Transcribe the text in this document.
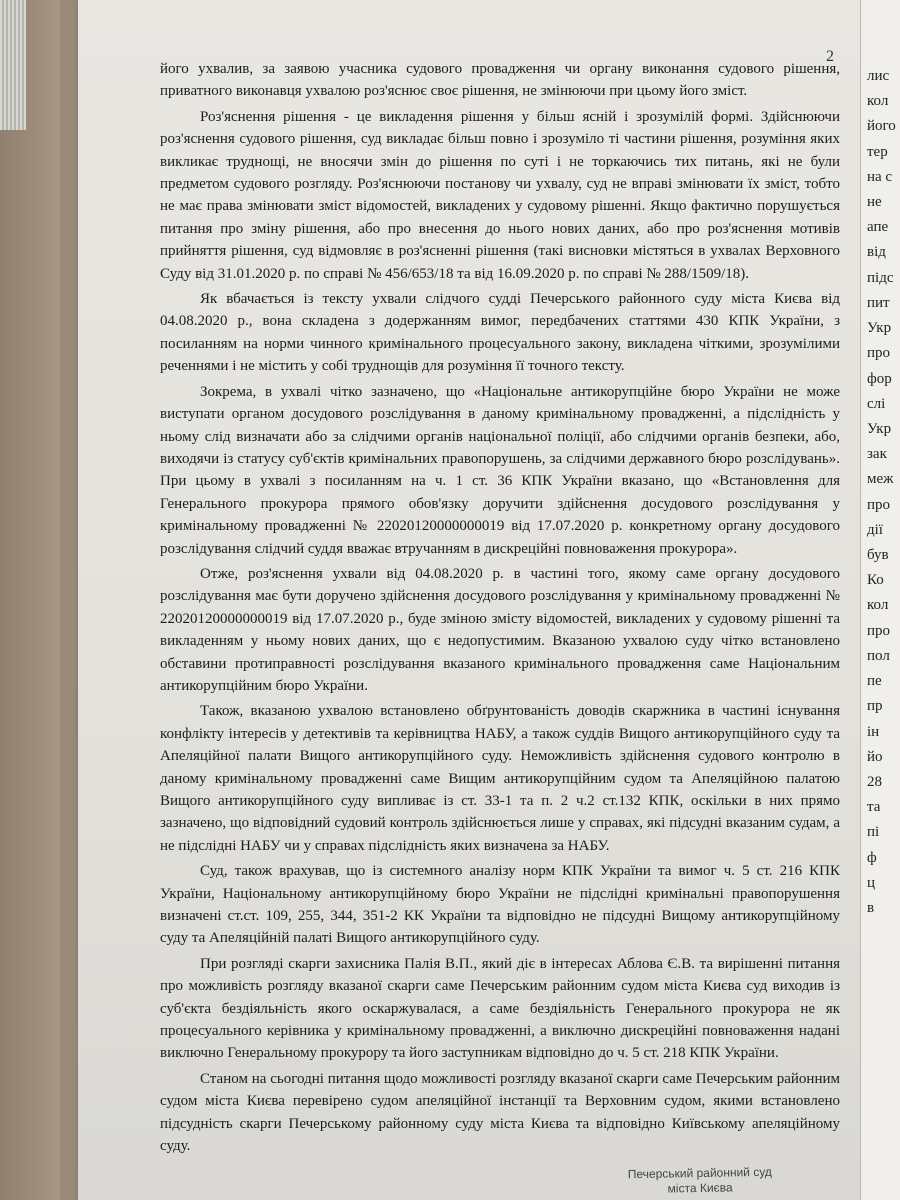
2

його ухвалив, за заявою учасника судового провадження чи органу виконання судового рішення, приватного виконавця ухвалою роз'яснює своє рішення, не змінюючи при цьому його зміст.

Роз'яснення рішення - це викладення рішення у більш ясній і зрозумілій формі. Здійснюючи роз'яснення судового рішення, суд викладає більш повно і зрозуміло ті частини рішення, розуміння яких викликає труднощі, не вносячи змін до рішення по суті і не торкаючись тих питань, які не були предметом судового розгляду. Роз'яснюючи постанову чи ухвалу, суд не вправі змінювати їх зміст, тобто не має права змінювати зміст відомостей, викладених у судовому рішенні. Якщо фактично порушується питання про зміну рішення, або про внесення до нього нових даних, або про роз'яснення мотивів прийняття рішення, суд відмовляє в роз'ясненні рішення (такі висновки містяться в ухвалах Верховного Суду від 31.01.2020 р. по справі № 456/653/18 та від 16.09.2020 р. по справі № 288/1509/18).

Як вбачається із тексту ухвали слідчого судді Печерського районного суду міста Києва від 04.08.2020 р., вона складена з додержанням вимог, передбачених статтями 430 КПК України, з посиланням на норми чинного кримінального процесуального закону, викладена чіткими, зрозумілими реченнями і не містить у собі труднощів для розуміння її точного тексту.

Зокрема, в ухвалі чітко зазначено, що «Національне антикорупційне бюро України не може виступати органом досудового розслідування в даному кримінальному провадженні, а підслідність у ньому слід визначати або за слідчими органів національної поліції, або слідчими органів безпеки, або, виходячи із статусу суб'єктів кримінальних правопорушень, за слідчими державного бюро розслідувань». При цьому в ухвалі з посиланням на ч. 1 ст. 36 КПК України вказано, що «Встановлення для Генерального прокурора прямого обов'язку доручити здійснення досудового розслідування у кримінальному провадженні № 22020120000000019 від 17.07.2020 р. конкретному органу досудового розслідування слідчий суддя вважає втручанням в дискреційні повноваження прокурора».

Отже, роз'яснення ухвали від 04.08.2020 р. в частині того, якому саме органу досудового розслідування має бути доручено здійснення досудового розслідування у кримінальному провадженні № 22020120000000019 від 17.07.2020 р., буде зміною змісту відомостей, викладених у судовому рішенні та викладенням у ньому нових даних, що є недопустимим. Вказаною ухвалою суду чітко встановлено обставини протиправності розслідування вказаного кримінального провадження саме Національним антикорупційним бюро України.

Також, вказаною ухвалою встановлено обґрунтованість доводів скаржника в частині існування конфлікту інтересів у детективів та керівництва НАБУ, а також суддів Вищого антикорупційного суду та Апеляційної палати Вищого антикорупційного суду. Неможливість здійснення судового контролю в даному кримінальному провадженні саме Вищим антикорупційним судом та Апеляційною палатою Вищого антикорупційного суду випливає із ст. 33-1 та п. 2 ч.2 ст.132 КПК, оскільки в них прямо зазначено, що відповідний судовий контроль здійснюється лише у справах, які підсудні вказаним судам, а не підслідні НАБУ чи у справах підслідність яких визначена за НАБУ.

Суд, також врахував, що із системного аналізу норм КПК України та вимог ч. 5 ст. 216 КПК України, Національному антикорупційному бюро України не підслідні кримінальні правопорушення визначені ст.ст. 109, 255, 344, 351-2 КК України та відповідно не підсудні Вищому антикорупційному суду та Апеляційній палаті Вищого антикорупційного суду.

При розгляді скарги захисника Палія В.П., який діє в інтересах Аблова Є.В. та вирішенні питання про можливість розгляду вказаної скарги саме Печерським районним судом міста Києва суд виходив із суб'єкта бездіяльність якого оскаржувалася, а саме бездіяльність Генерального прокурора не як процесуального керівника у кримінальному провадженні, а виключно дискреційні повноваження надані виключно Генеральному прокурору та його заступникам відповідно до ч. 5 ст. 218 КПК України.

Станом на сьогодні питання щодо можливості розгляду вказаної скарги саме Печерським районним судом міста Києва перевірено судом апеляційної інстанції та Верховним судом, якими встановлено підсудність скарги Печерському районному суду міста Києва та відповідно Київському апеляційному суду.

Печерський районний суд
міста Києва
лис
кол
його
тер
на с
не
апе
від
підс
пит
Укр
про
фор
слі
Укр
зак
меж
про
дії
був
Ко
кол
про
пол
пе
пр
ін
йо
28
та
пі
ф
ц
в
